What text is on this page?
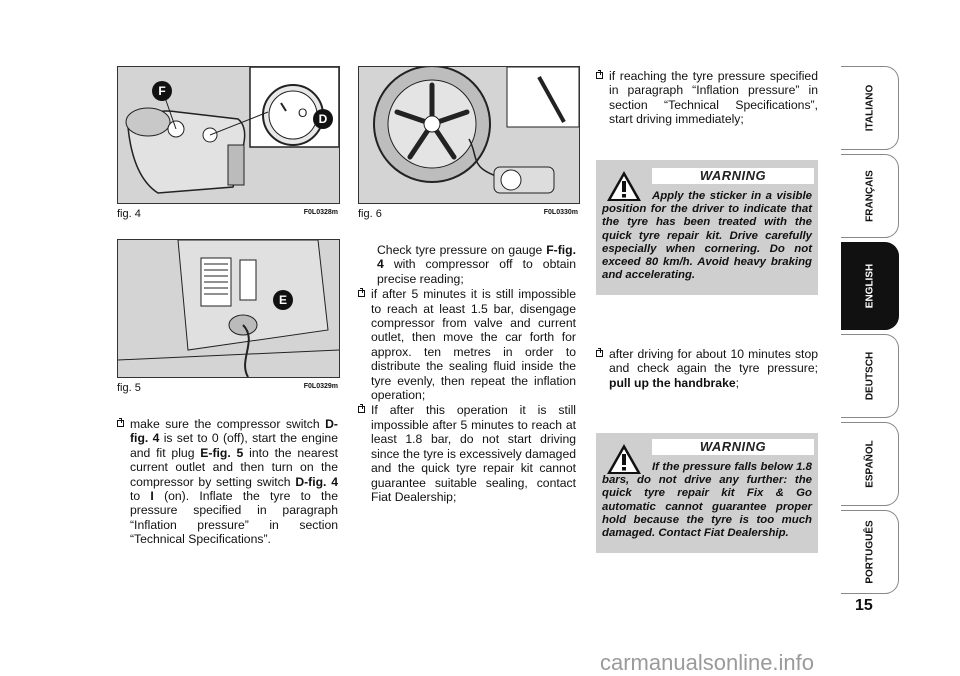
O
F
D
fig. 4	F0L0328m
E
fig. 5	F0L0329m
fig. 6	F0L0330m

make sure the compressor switch D-fig. 4 is set to 0 (off), start the engine and fit plug E-fig. 5 into the nearest current outlet and then turn on the compressor by setting switch D-fig. 4 to I (on). Inflate the tyre to the pressure specified in paragraph “Inflation pressure” in section “Technical Specifications”.

Check tyre pressure on gauge F-fig. 4 with compressor off to obtain precise reading;

if after 5 minutes it is still impossible to reach at least 1.5 bar, disengage compressor from valve and current outlet, then move the car forth for approx. ten metres in order to distribute the sealing fluid inside the tyre evenly, then repeat the inflation operation;

If after this operation it is still impossible after 5 minutes to reach at least 1.8 bar, do not start driving since the tyre is excessively damaged and the quick tyre repair kit cannot guarantee suitable sealing, contact Fiat Dealership;

if reaching the tyre pressure specified in paragraph “Inflation pressure” in section “Technical Specifications”, start driving immediately;

WARNING
Apply the sticker in a visible position for the driver to indicate that the tyre has been treated with the quick tyre repair kit. Drive carefully especially when cornering. Do not exceed 80 km/h. Avoid heavy braking and accelerating.

after driving for about 10 minutes stop and check again the tyre pressure; pull up the handbrake;

WARNING
If the pressure falls below 1.8 bars, do not drive any further: the quick tyre repair kit Fix & Go automatic cannot guarantee proper hold because the tyre is too much damaged. Contact Fiat Dealership.
ITALIANO
FRANÇAIS
ENGLISH
DEUTSCH
ESPAÑOL
PORTUGUÊS
15
carmanualsonline.info
